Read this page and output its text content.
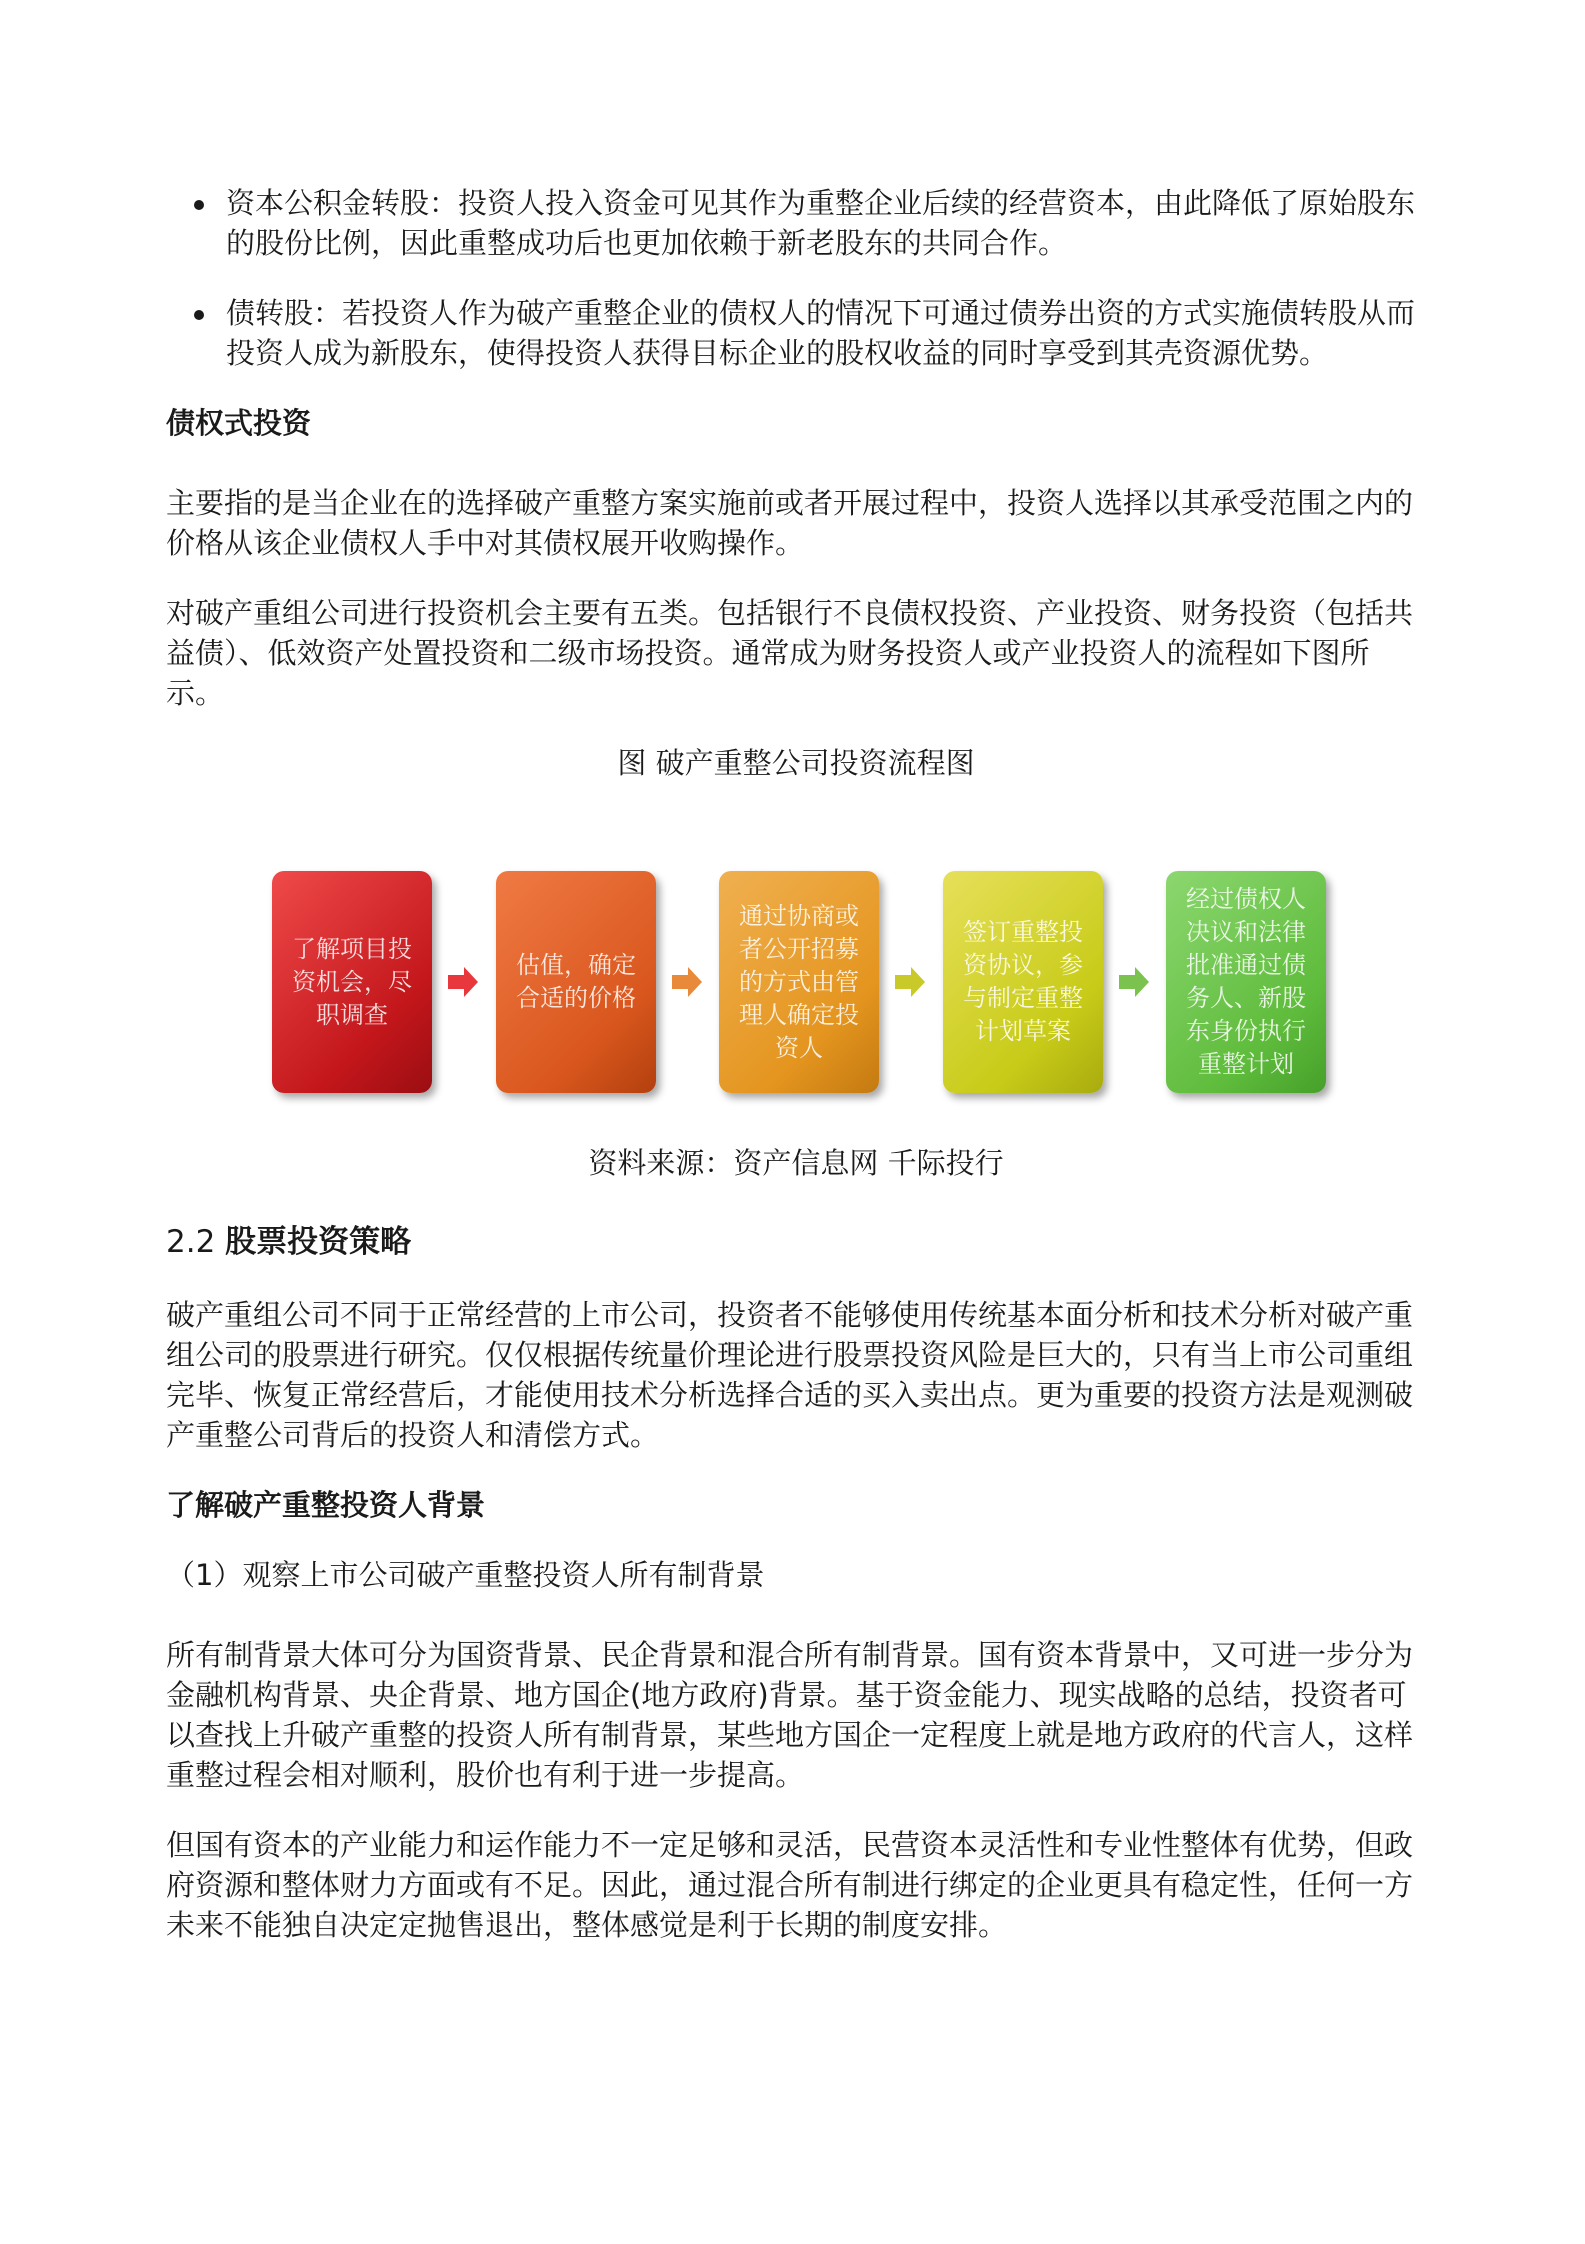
资本公积金转股：投资人投入资金可见其作为重整企业后续的经营资本，由此降低了原始股东的股份比例，因此重整成功后也更加依赖于新老股东的共同合作。
债转股：若投资人作为破产重整企业的债权人的情况下可通过债券出资的方式实施债转股从而投资人成为新股东，使得投资人获得目标企业的股权收益的同时享受到其壳资源优势。

债权式投资

主要指的是当企业在的选择破产重整方案实施前或者开展过程中，投资人选择以其承受范围之内的价格从该企业债权人手中对其债权展开收购操作。

对破产重组公司进行投资机会主要有五类。包括银行不良债权投资、产业投资、财务投资（包括共益债）、低效资产处置投资和二级市场投资。通常成为财务投资人或产业投资人的流程如下图所示。

图 破产重整公司投资流程图

了解项目投资机会，尽职调查
估值，确定合适的价格
通过协商或者公开招募的方式由管理人确定投资人
签订重整投资协议，参与制定重整计划草案
经过债权人决议和法律批准通过债务人、新股东身份执行重整计划

资料来源：资产信息网 千际投行

2.2 股票投资策略

破产重组公司不同于正常经营的上市公司，投资者不能够使用传统基本面分析和技术分析对破产重组公司的股票进行研究。仅仅根据传统量价理论进行股票投资风险是巨大的，只有当上市公司重组完毕、恢复正常经营后，才能使用技术分析选择合适的买入卖出点。更为重要的投资方法是观测破产重整公司背后的投资人和清偿方式。

了解破产重整投资人背景

（1）观察上市公司破产重整投资人所有制背景

所有制背景大体可分为国资背景、民企背景和混合所有制背景。国有资本背景中，又可进一步分为金融机构背景、央企背景、地方国企(地方政府)背景。基于资金能力、现实战略的总结，投资者可以查找上升破产重整的投资人所有制背景，某些地方国企一定程度上就是地方政府的代言人，这样重整过程会相对顺利，股价也有利于进一步提高。

但国有资本的产业能力和运作能力不一定足够和灵活，民营资本灵活性和专业性整体有优势，但政府资源和整体财力方面或有不足。因此，通过混合所有制进行绑定的企业更具有稳定性，任何一方未来不能独自决定定抛售退出，整体感觉是利于长期的制度安排。
